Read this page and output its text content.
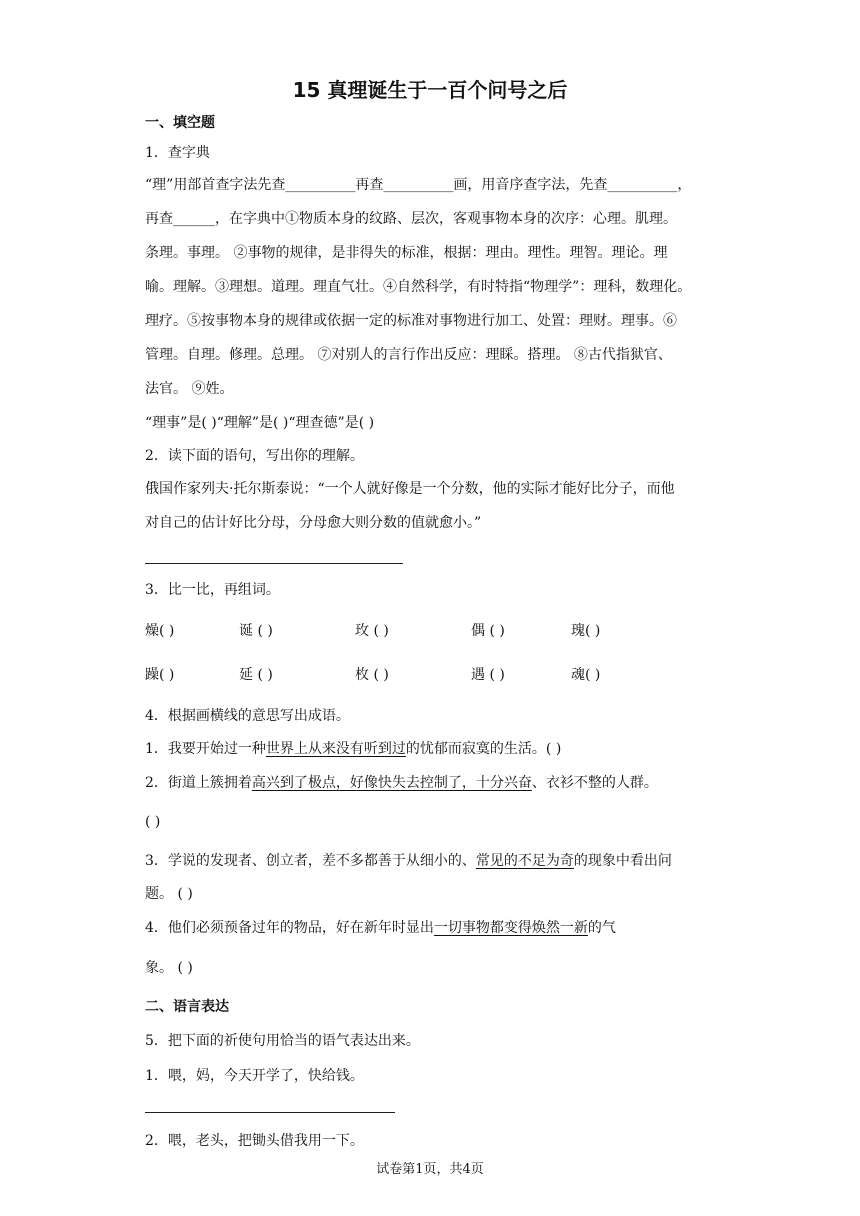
15 真理诞生于一百个问号之后
一、填空题
1．查字典
“理”用部首查字法先查__________再查__________画，用音序查字法，先查__________，
再查______，在字典中①物质本身的纹路、层次，客观事物本身的次序：心理。肌理。
条理。事理。 ②事物的规律，是非得失的标准，根据：理由。理性。理智。理论。理
喻。理解。③理想。道理。理直气壮。④自然科学，有时特指“物理学”：理科，数理化。
理疗。⑤按事物本身的规律或依据一定的标准对事物进行加工、处置：理财。理事。⑥
管理。自理。修理。总理。 ⑦对别人的言行作出反应：理睬。搭理。 ⑧古代指狱官、
法官。 ⑨姓。
“理事”是( )“理解”是( )“理查德”是( )
2．读下面的语句，写出你的理解。
俄国作家列夫·托尔斯泰说：“一个人就好像是一个分数，他的实际才能好比分子，而他
对自己的估计好比分母，分母愈大则分数的值就愈小。”
3．比一比，再组词。
燥( )	诞 ( )	玫 ( )	偶 ( )	瑰( )
躁( )	延 ( )	枚 ( )	遇 ( )	魂( )
4．根据画横线的意思写出成语。
1．我要开始过一种世界上从来没有听到过的忧郁而寂寞的生活。( )
2．街道上簇拥着高兴到了极点，好像快失去控制了，十分兴奋、衣衫不整的人群。
( )
3．学说的发现者、创立者，差不多都善于从细小的、常见的不足为奇的现象中看出问
题。 ( )
4．他们必须预备过年的物品，好在新年时显出一切事物都变得焕然一新的气
象。 ( )
二、语言表达
5．把下面的祈使句用恰当的语气表达出来。
1．喂，妈，今天开学了，快给钱。
2．喂，老头，把锄头借我用一下。
试卷第1页，共4页
